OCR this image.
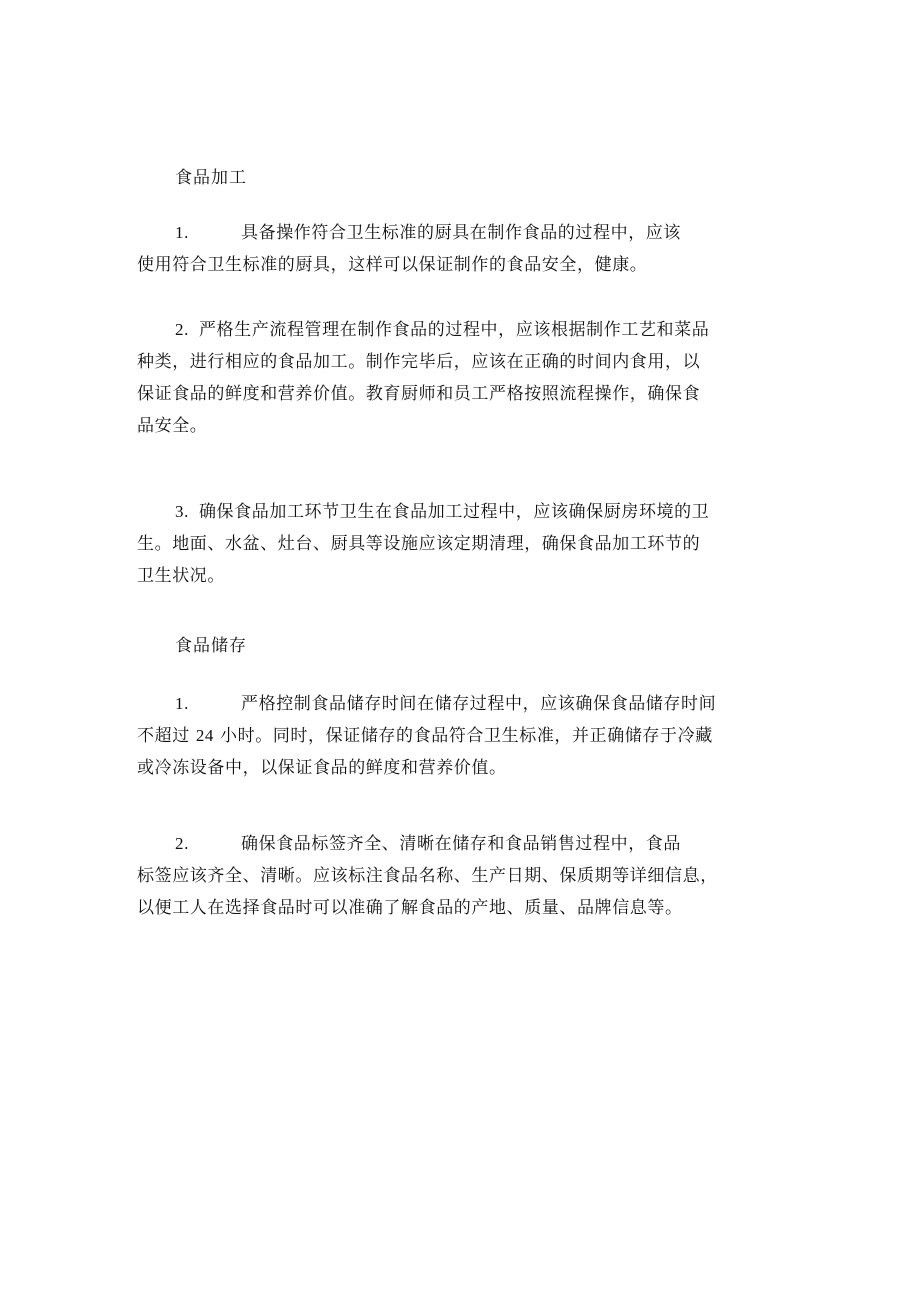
食品加工
1.	具备操作符合卫生标准的厨具在制作食品的过程中，应该
使用符合卫生标准的厨具，这样可以保证制作的食品安全，健康。
2. 严格生产流程管理在制作食品的过程中，应该根据制作工艺和菜品
种类，进行相应的食品加工。制作完毕后，应该在正确的时间内食用，以
保证食品的鲜度和营养价值。教育厨师和员工严格按照流程操作，确保食
品安全。
3. 确保食品加工环节卫生在食品加工过程中，应该确保厨房环境的卫
生。地面、水盆、灶台、厨具等设施应该定期清理，确保食品加工环节的
卫生状况。
食品储存
1.	严格控制食品储存时间在储存过程中，应该确保食品储存时间
不超过 24 小时。同时，保证储存的食品符合卫生标准，并正确储存于冷藏
或冷冻设备中，以保证食品的鲜度和营养价值。
2.	确保食品标签齐全、清晰在储存和食品销售过程中，食品
标签应该齐全、清晰。应该标注食品名称、生产日期、保质期等详细信息，
以便工人在选择食品时可以准确了解食品的产地、质量、品牌信息等。
